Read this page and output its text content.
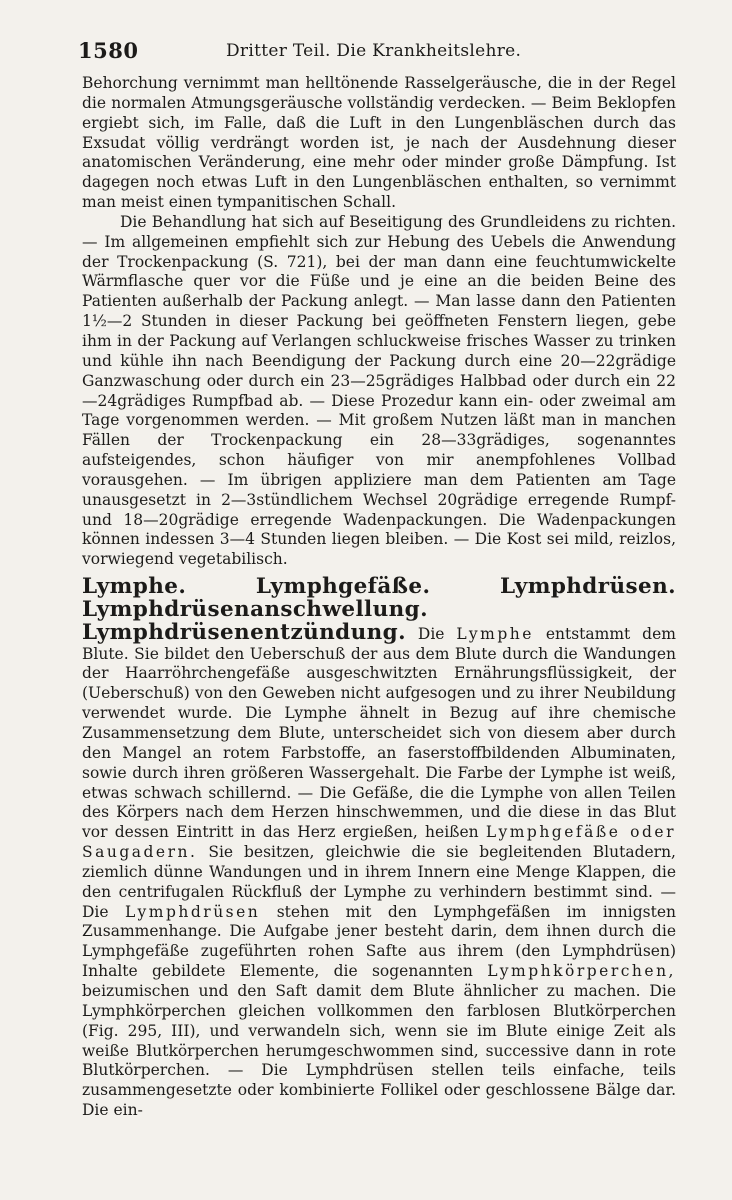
1580	Dritter Teil. Die Krankheitslehre.

Behorchung vernimmt man helltönende Rasselgeräusche, die in der Regel die normalen Atmungsgeräusche vollständig verdecken. — Beim Beklopfen ergiebt sich, im Falle, daß die Luft in den Lungenbläschen durch das Exsudat völlig verdrängt worden ist, je nach der Ausdehnung dieser anatomischen Veränderung, eine mehr oder minder große Dämpfung. Ist dagegen noch etwas Luft in den Lungenbläschen enthalten, so vernimmt man meist einen tympanitischen Schall.

Die Behandlung hat sich auf Beseitigung des Grundleidens zu richten. — Im allgemeinen empfiehlt sich zur Hebung des Uebels die Anwendung der Trockenpackung (S. 721), bei der man dann eine feuchtumwickelte Wärmflasche quer vor die Füße und je eine an die beiden Beine des Patienten außerhalb der Packung anlegt. — Man lasse dann den Patienten 1½—2 Stunden in dieser Packung bei geöffneten Fenstern liegen, gebe ihm in der Packung auf Verlangen schluckweise frisches Wasser zu trinken und kühle ihn nach Beendigung der Packung durch eine 20—22grädige Ganzwaschung oder durch ein 23—25grädiges Halbbad oder durch ein 22—24grädiges Rumpfbad ab. — Diese Prozedur kann ein- oder zweimal am Tage vorgenommen werden. — Mit großem Nutzen läßt man in manchen Fällen der Trockenpackung ein 28—33grädiges, sogenanntes aufsteigendes, schon häufiger von mir anempfohlenes Vollbad vorausgehen. — Im übrigen appliziere man dem Patienten am Tage unausgesetzt in 2—3stündlichem Wechsel 20grädige erregende Rumpf- und 18—20grädige erregende Wadenpackungen. Die Wadenpackungen können indessen 3—4 Stunden liegen bleiben. — Die Kost sei mild, reizlos, vorwiegend vegetabilisch.

Lymphe. Lymphgefäße. Lymphdrüsen. Lymphdrüsenanschwellung. Lymphdrüsenentzündung. Die Lymphe entstammt dem Blute. Sie bildet den Ueberschuß der aus dem Blute durch die Wandungen der Haarröhrchengefäße ausgeschwitzten Ernährungsflüssigkeit, der (Ueberschuß) von den Geweben nicht aufgesogen und zu ihrer Neubildung verwendet wurde. Die Lymphe ähnelt in Bezug auf ihre chemische Zusammensetzung dem Blute, unterscheidet sich von diesem aber durch den Mangel an rotem Farbstoffe, an faserstoffbildenden Albuminaten, sowie durch ihren größeren Wassergehalt. Die Farbe der Lymphe ist weiß, etwas schwach schillernd. — Die Gefäße, die die Lymphe von allen Teilen des Körpers nach dem Herzen hinschwemmen, und die diese in das Blut vor dessen Eintritt in das Herz ergießen, heißen Lymphgefäße oder Saugadern. Sie besitzen, gleichwie die sie begleitenden Blutadern, ziemlich dünne Wandungen und in ihrem Innern eine Menge Klappen, die den centrifugalen Rückfluß der Lymphe zu verhindern bestimmt sind. — Die Lymphdrüsen stehen mit den Lymphgefäßen im innigsten Zusammenhange. Die Aufgabe jener besteht darin, dem ihnen durch die Lymphgefäße zugeführten rohen Safte aus ihrem (den Lymphdrüsen) Inhalte gebildete Elemente, die sogenannten Lymphkörperchen, beizumischen und den Saft damit dem Blute ähnlicher zu machen. Die Lymphkörperchen gleichen vollkommen den farblosen Blutkörperchen (Fig. 295, III), und verwandeln sich, wenn sie im Blute einige Zeit als weiße Blutkörperchen herumgeschwommen sind, successive dann in rote Blutkörperchen. — Die Lymphdrüsen stellen teils einfache, teils zusammengesetzte oder kombinierte Follikel oder geschlossene Bälge dar. Die ein-
